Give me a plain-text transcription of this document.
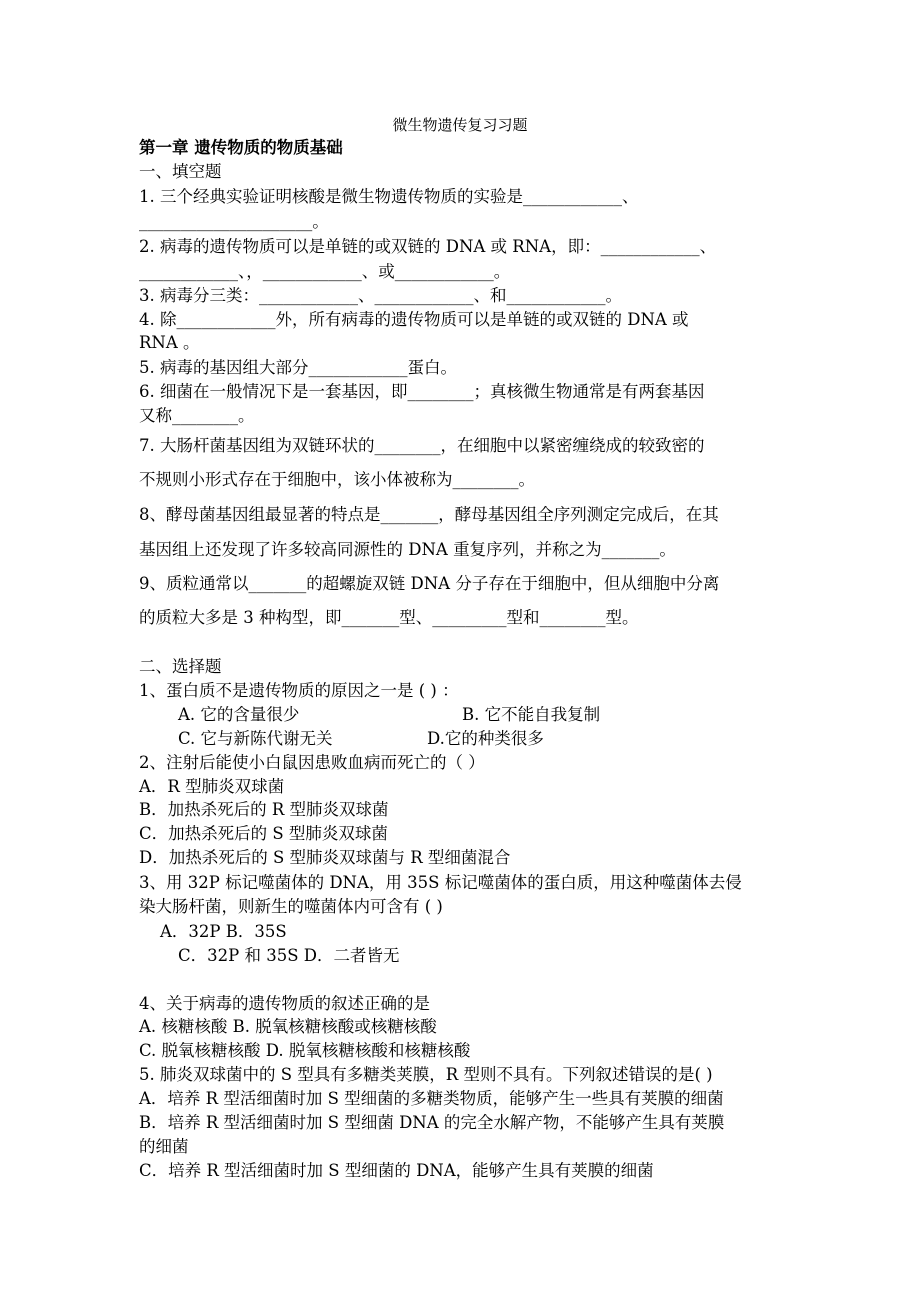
微生物遗传复习习题
第一章 遗传物质的物质基础
一、填空题
1. 三个经典实验证明核酸是微生物遗传物质的实验是____________、
_____________________。
2. 病毒的遗传物质可以是单链的或双链的 DNA 或 RNA，即：____________、
____________、，____________、或____________。
3. 病毒分三类：____________、____________、和____________。
4. 除____________外，所有病毒的遗传物质可以是单链的或双链的 DNA 或
RNA 。
5. 病毒的基因组大部分____________蛋白。
6. 细菌在一般情况下是一套基因，即________；真核微生物通常是有两套基因
又称________。
7. 大肠杆菌基因组为双链环状的________，在细胞中以紧密缠绕成的较致密的
不规则小形式存在于细胞中，该小体被称为________。
8、酵母菌基因组最显著的特点是_______，酵母基因组全序列测定完成后，在其
基因组上还发现了许多较高同源性的 DNA 重复序列，并称之为_______。
9、质粒通常以_______的超螺旋双链 DNA 分子存在于细胞中，但从细胞中分离
的质粒大多是 3 种构型，即_______型、_________型和________型。
二、选择题
1、蛋白质不是遗传物质的原因之一是 ( ) ：
A. 它的含量很少	B. 它不能自我复制
C. 它与新陈代谢无关	D.它的种类很多
2、注射后能使小白鼠因患败血病而死亡的（ ）
A．R 型肺炎双球菌
B．加热杀死后的 R 型肺炎双球菌
C．加热杀死后的 S 型肺炎双球菌
D．加热杀死后的 S 型肺炎双球菌与 R 型细菌混合
3、用 32P 标记噬菌体的 DNA，用 35S 标记噬菌体的蛋白质，用这种噬菌体去侵
染大肠杆菌，则新生的噬菌体内可含有 ( )
A．32P B．35S
C．32P 和 35S D．二者皆无
4、关于病毒的遗传物质的叙述正确的是
A. 核糖核酸 B. 脱氧核糖核酸或核糖核酸
C. 脱氧核糖核酸 D. 脱氧核糖核酸和核糖核酸
5. 肺炎双球菌中的 S 型具有多糖类荚膜，R 型则不具有。下列叙述错误的是( )
A．培养 R 型活细菌时加 S 型细菌的多糖类物质，能够产生一些具有荚膜的细菌
B．培养 R 型活细菌时加 S 型细菌 DNA 的完全水解产物，不能够产生具有荚膜
的细菌
C．培养 R 型活细菌时加 S 型细菌的 DNA，能够产生具有荚膜的细菌
